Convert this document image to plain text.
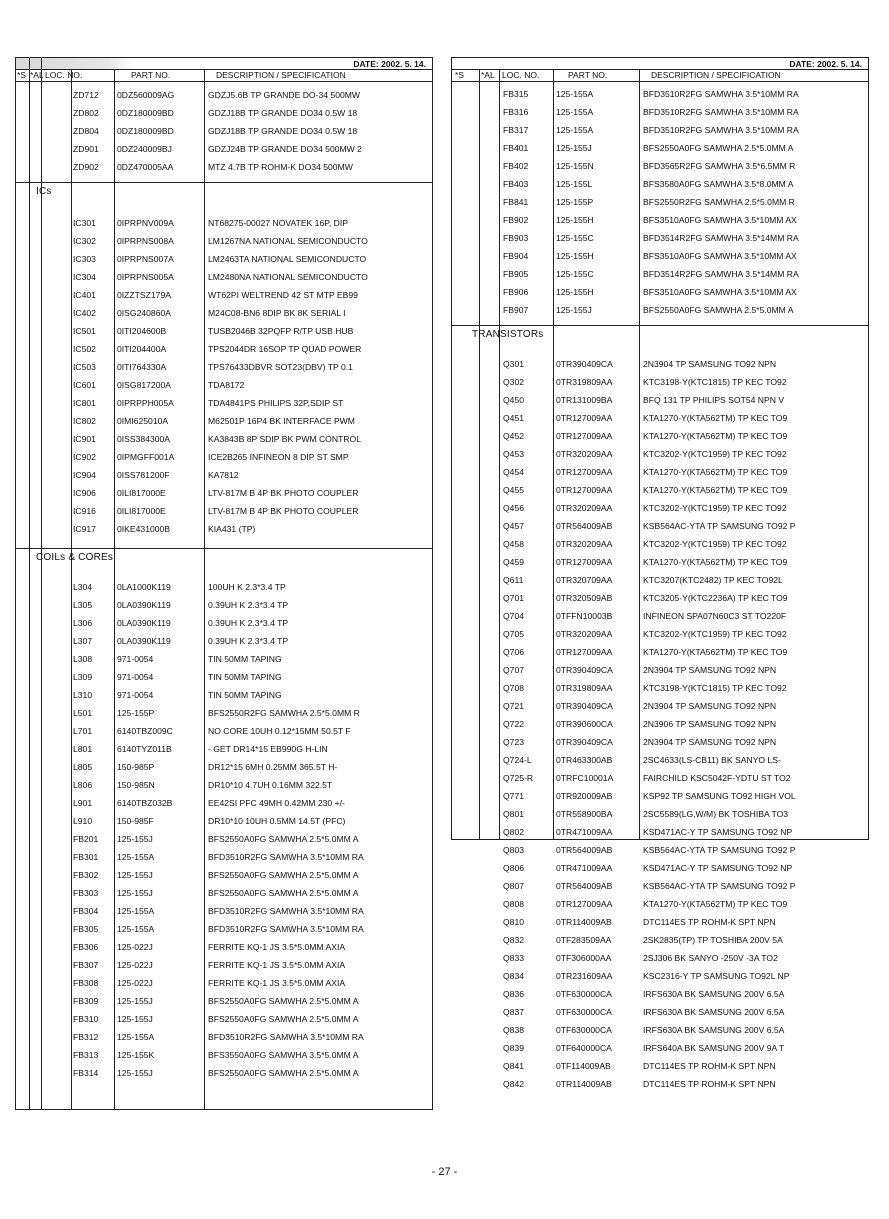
DATE: 2002. 5. 14.
*S *AL LOC. NO.	PART NO.	DESCRIPTION / SPECIFICATION
ZD712 0DZ560009AG	GDZJ5.6B TP GRANDE DO-34 500MW
ZD802 0DZ180009BD	GDZJ18B TP GRANDE DO34 0.5W 18
ZD804 0DZ180009BD	GDZJ18B TP GRANDE DO34 0.5W 18
ZD901 0DZ240009BJ	GDZJ24B TP GRANDE DO34 500MW 2
ZD902 0DZ470005AA	MTZ 4.7B TP ROHM-K DO34 500MW
ICs
IC301 0IPRPNV009A	NT68275-00027 NOVATEK 16P, DIP
IC302 0IPRPNS008A	LM1267NA NATIONAL SEMICONDUCTO
IC303 0IPRPNS007A	LM2463TA NATIONAL SEMICONDUCTO
IC304 0IPRPNS005A	LM2480NA NATIONAL SEMICONDUCTO
IC401 0IZZTSZ179A	WT62PI WELTREND 42 ST MTP EB99
IC402 0ISG240860A	M24C08-BN6 8DIP BK 8K SERIAL I
IC501 0ITI204600B	TUSB2046B 32PQFP R/TP USB HUB
IC502 0ITI204400A	TPS2044DR 16SOP TP QUAD POWER
IC503 0ITI764330A	TPS76433DBVR SOT23(DBV) TP 0.1
IC601 0ISG817200A	TDA8172
IC801 0IPRPPH005A	TDA4841PS PHILIPS 32P,SDIP ST
IC802 0IMI625010A	M62501P 16P4 BK INTERFACE PWM
IC901 0ISS384300A	KA3843B 8P SDIP BK PWM CONTROL
IC902 0IPMGFF001A	ICE2B265 INFINEON 8 DIP ST SMP
IC904 0ISS781200F	KA7812
IC906 0ILI817000E	LTV-817M B 4P BK PHOTO COUPLER
IC916 0ILI817000E	LTV-817M B 4P BK PHOTO COUPLER
IC917 0IKE431000B	KIA431 (TP)
COILs & COREs
L304	0LA1000K119	100UH K 2.3*3.4 TP
L305	0LA0390K119	0.39UH K 2.3*3.4 TP
L306	0LA0390K119	0.39UH K 2.3*3.4 TP
L307	0LA0390K119	0.39UH K 2.3*3.4 TP
L308	971-0054	TIN 50MM TAPING
L309	971-0054	TIN 50MM TAPING
L310	971-0054	TIN 50MM TAPING
L501	125-155P	BFS2550R2FG SAMWHA 2.5*5.0MM R
L701	6140TBZ009C	NO CORE 10UH 0.12*15MM 50.5T F
L801	6140TYZ011B	- GET DR14*15 EB990G H-LIN
L805	150-985P	DR12*15 6MH 0.25MM 365.5T H-
L806	150-985N	DR10*10 4.7UH 0.16MM 322.5T
L901	6140TBZ032B	EE42SI PFC 49MH 0.42MM 230 +/-
L910	150-985F	DR10*10 10UH 0.5MM 14.5T (PFC)
FB201 125-155J	BFS2550A0FG SAMWHA 2.5*5.0MM A
FB301 125-155A	BFD3510R2FG SAMWHA 3.5*10MM RA
FB302 125-155J	BFS2550A0FG SAMWHA 2.5*5.0MM A
FB303 125-155J	BFS2550A0FG SAMWHA 2.5*5.0MM A
FB304 125-155A	BFD3510R2FG SAMWHA 3.5*10MM RA
FB305 125-155A	BFD3510R2FG SAMWHA 3.5*10MM RA
FB306 125-022J	FERRITE KQ-1 JS 3.5*5.0MM AXIA
FB307 125-022J	FERRITE KQ-1 JS 3.5*5.0MM AXIA
FB308 125-022J	FERRITE KQ-1 JS 3.5*5.0MM AXIA
FB309 125-155J	BFS2550A0FG SAMWHA 2.5*5.0MM A
FB310 125-155J	BFS2550A0FG SAMWHA 2.5*5.0MM A
FB312 125-155A	BFD3510R2FG SAMWHA 3.5*10MM RA
FB313 125-155K	BFS3550A0FG SAMWHA 3.5*5.0MM A
FB314 125-155J	BFS2550A0FG SAMWHA 2.5*5.0MM A
DATE: 2002. 5. 14.
*S *AL LOC. NO.	PART NO.	DESCRIPTION / SPECIFICATION
FB315	125-155A	BFD3510R2FG SAMWHA 3.5*10MM RA
FB316	125-155A	BFD3510R2FG SAMWHA 3.5*10MM RA
FB317	125-155A	BFD3510R2FG SAMWHA 3.5*10MM RA
FB401	125-155J	BFS2550A0FG SAMWHA 2.5*5.0MM A
FB402	125-155N	BFD3565R2FG SAMWHA 3.5*6.5MM R
FB403	125-155L	BFS3580A0FG SAMWHA 3.5*8.0MM A
FB841	125-155P	BFS2550R2FG SAMWHA 2.5*5.0MM R
FB902	125-155H	BFS3510A0FG SAMWHA 3.5*10MM AX
FB903	125-155C	BFD3514R2FG SAMWHA 3.5*14MM RA
FB904	125-155H	BFS3510A0FG SAMWHA 3.5*10MM AX
FB905	125-155C	BFD3514R2FG SAMWHA 3.5*14MM RA
FB906	125-155H	BFS3510A0FG SAMWHA 3.5*10MM AX
FB907	125-155J	BFS2550A0FG SAMWHA 2.5*5.0MM A
TRANSISTORs
Q301	0TR390409CA	2N3904 TP SAMSUNG TO92 NPN
Q302	0TR319809AA	KTC3198-Y(KTC1815) TP KEC TO92
Q450	0TR131009BA	BFQ 131 TP PHILIPS SOT54 NPN V
Q451	0TR127009AA	KTA1270-Y(KTA562TM) TP KEC TO9
Q452	0TR127009AA	KTA1270-Y(KTA562TM) TP KEC TO9
Q453	0TR320209AA	KTC3202-Y(KTC1959) TP KEC TO92
Q454	0TR127009AA	KTA1270-Y(KTA562TM) TP KEC TO9
Q455	0TR127009AA	KTA1270-Y(KTA562TM) TP KEC TO9
Q456	0TR320209AA	KTC3202-Y(KTC1959) TP KEC TO92
Q457	0TR564009AB	KSB564AC-YTA TP SAMSUNG TO92 P
Q458	0TR320209AA	KTC3202-Y(KTC1959) TP KEC TO92
Q459	0TR127009AA	KTA1270-Y(KTA562TM) TP KEC TO9
Q611	0TR320709AA	KTC3207(KTC2482) TP KEC TO92L
Q701	0TR320509AB	KTC3205-Y(KTC2236A) TP KEC TO9
Q704	0TFFN10003B	INFINEON SPA07N60C3 ST TO220F
Q705	0TR320209AA	KTC3202-Y(KTC1959) TP KEC TO92
Q706	0TR127009AA	KTA1270-Y(KTA562TM) TP KEC TO9
Q707	0TR390409CA	2N3904 TP SAMSUNG TO92 NPN
Q708	0TR319809AA	KTC3198-Y(KTC1815) TP KEC TO92
Q721	0TR390409CA	2N3904 TP SAMSUNG TO92 NPN
Q722	0TR390600CA	2N3906 TP SAMSUNG TO92 NPN
Q723	0TR390409CA	2N3904 TP SAMSUNG TO92 NPN
Q724-L	0TR463300AB	2SC4633(LS-CB11) BK SANYO LS-
Q725-R	0TRFC10001A	FAIRCHILD KSC5042F-YDTU ST TO2
Q771	0TR920009AB	KSP92 TP SAMSUNG TO92 HIGH VOL
Q801	0TR558900BA	2SC5589(LG,W/M) BK TOSHIBA TO3
Q802	0TR471009AA	KSD471AC-Y TP SAMSUNG TO92 NP
Q803	0TR564009AB	KSB564AC-YTA TP SAMSUNG TO92 P
Q806	0TR471009AA	KSD471AC-Y TP SAMSUNG TO92 NP
Q807	0TR564009AB	KSB564AC-YTA TP SAMSUNG TO92 P
Q808	0TR127009AA	KTA1270-Y(KTA562TM) TP KEC TO9
Q810	0TR114009AB	DTC114ES TP ROHM-K SPT NPN
Q832	0TF283509AA	2SK2835(TP) TP TOSHIBA 200V 5A
Q833	0TF306000AA	2SJ306 BK SANYO -250V -3A TO2
Q834	0TR231609AA	KSC2316-Y TP SAMSUNG TO92L NP
Q836	0TF630000CA	IRFS630A BK SAMSUNG 200V 6.5A
Q837	0TF630000CA	IRFS630A BK SAMSUNG 200V 6.5A
Q838	0TF630000CA	IRFS630A BK SAMSUNG 200V 6.5A
Q839	0TF640000CA	IRFS640A BK SAMSUNG 200V 9A T
Q841	0TF114009AB	DTC114ES TP ROHM-K SPT NPN
Q842	0TR114009AB	DTC114ES TP ROHM-K SPT NPN
- 27 -
